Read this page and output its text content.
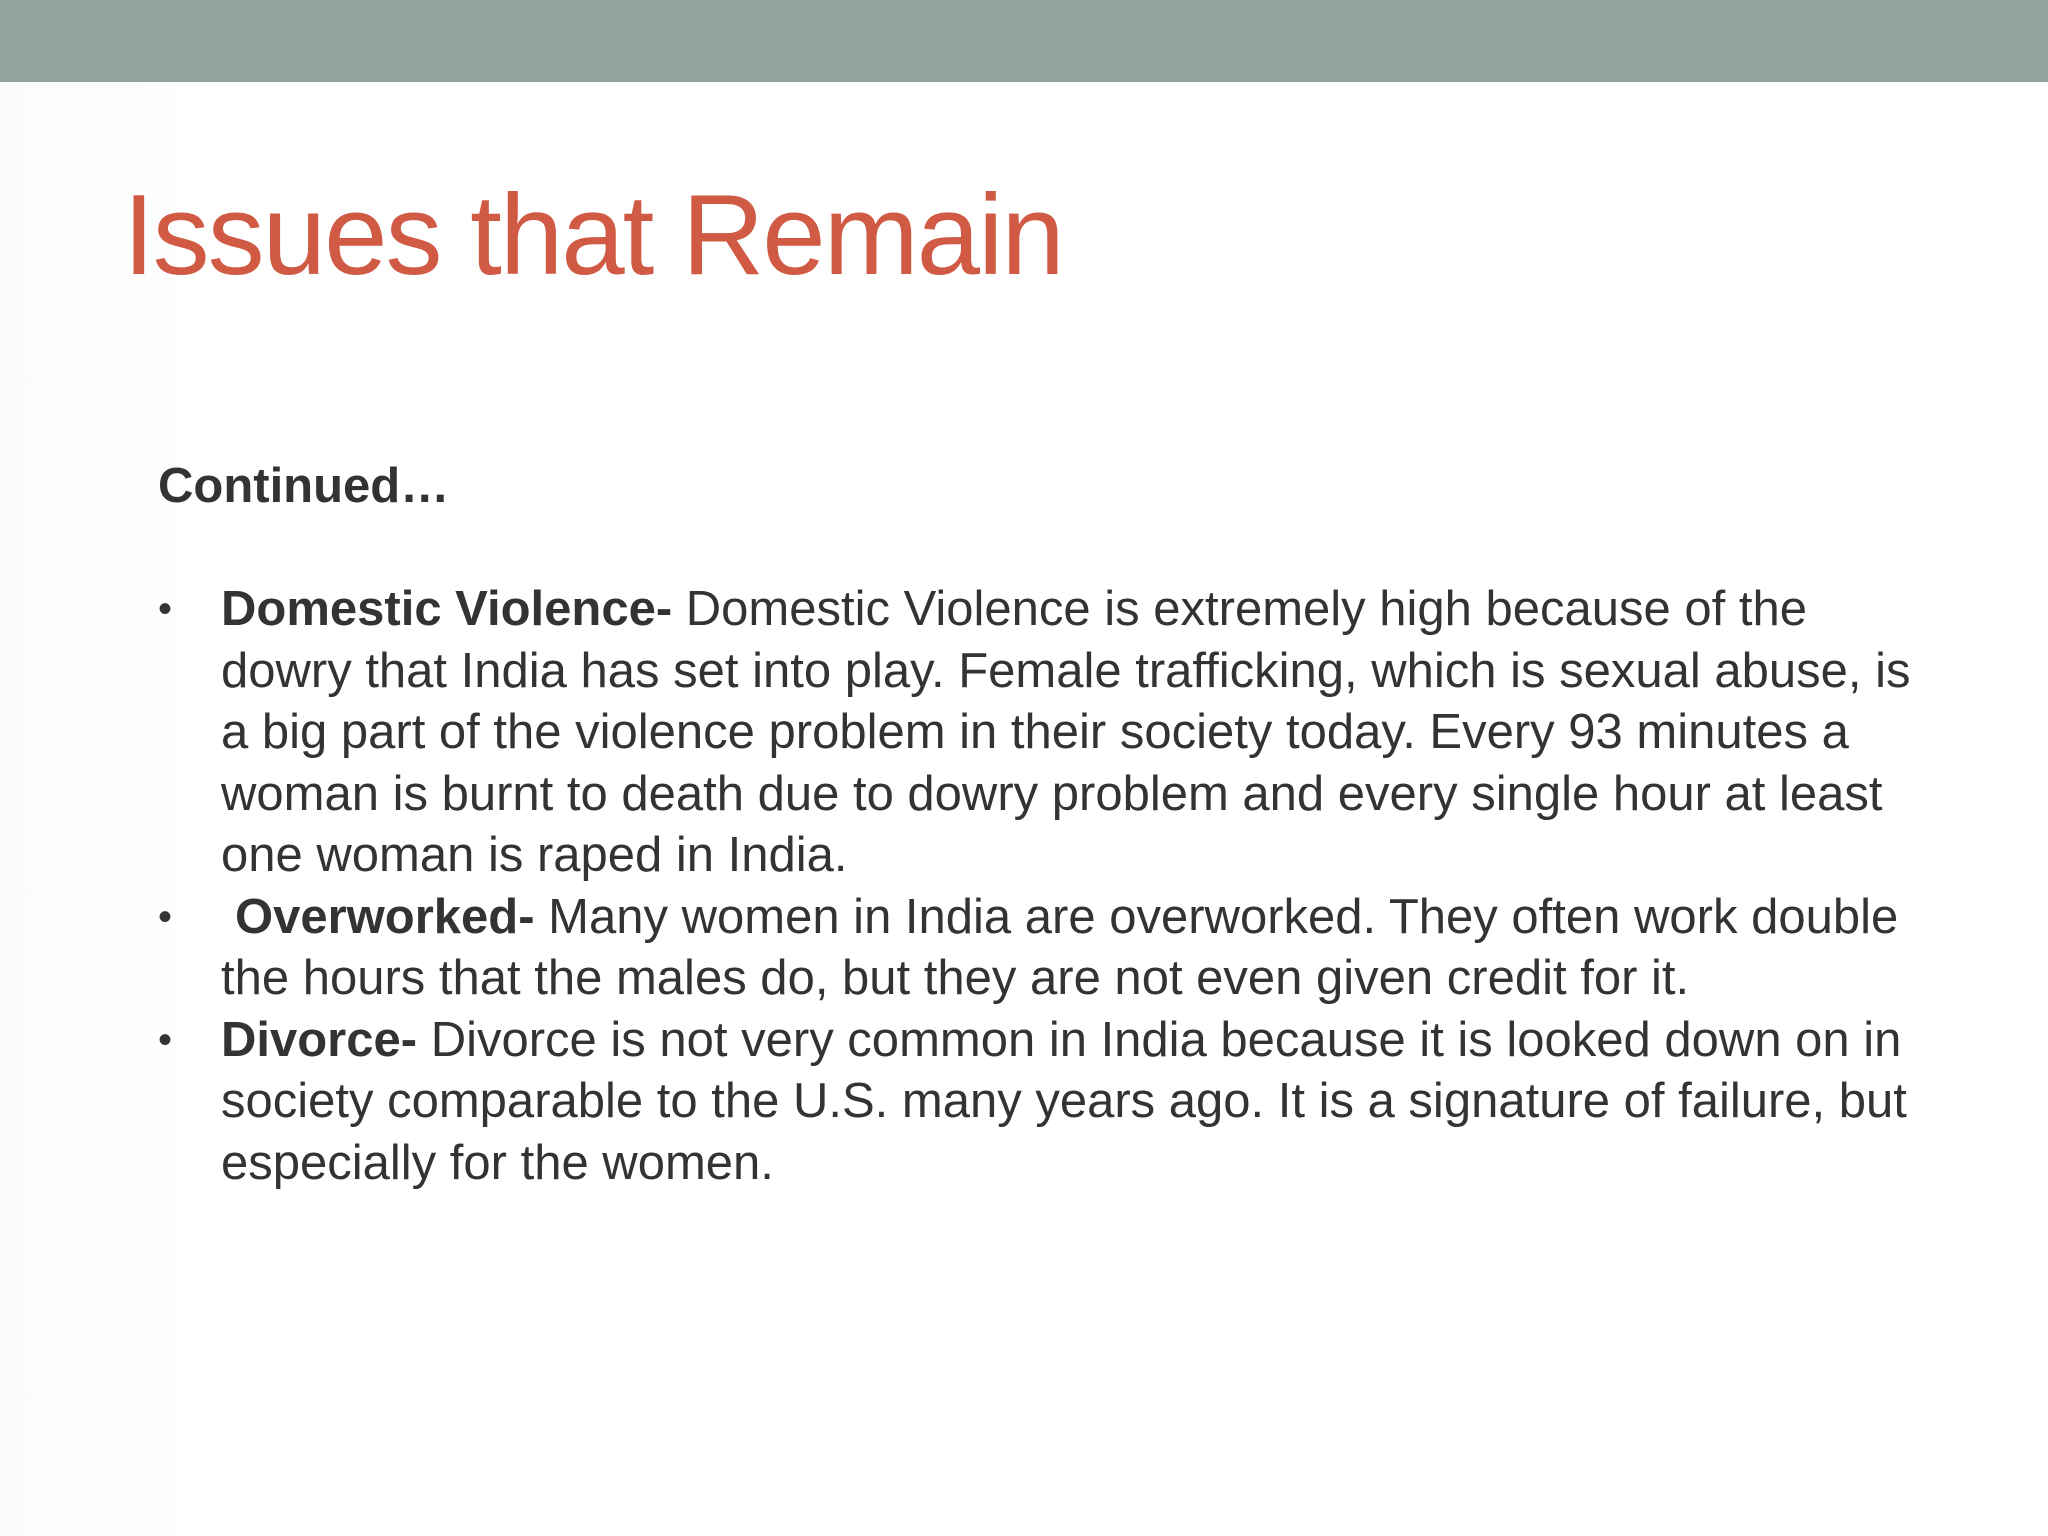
Issues that Remain

Continued…

• Domestic Violence- Domestic Violence is extremely high because of the dowry that India has set into play. Female trafficking, which is sexual abuse, is a big part of the violence problem in their society today. Every 93 minutes a woman is burnt to death due to dowry problem and every single hour at least one woman is raped in India.
• Overworked- Many women in India are overworked. They often work double the hours that the males do, but they are not even given credit for it.
• Divorce- Divorce is not very common in India because it is looked down on in society comparable to the U.S. many years ago. It is a signature of failure, but especially for the women.
